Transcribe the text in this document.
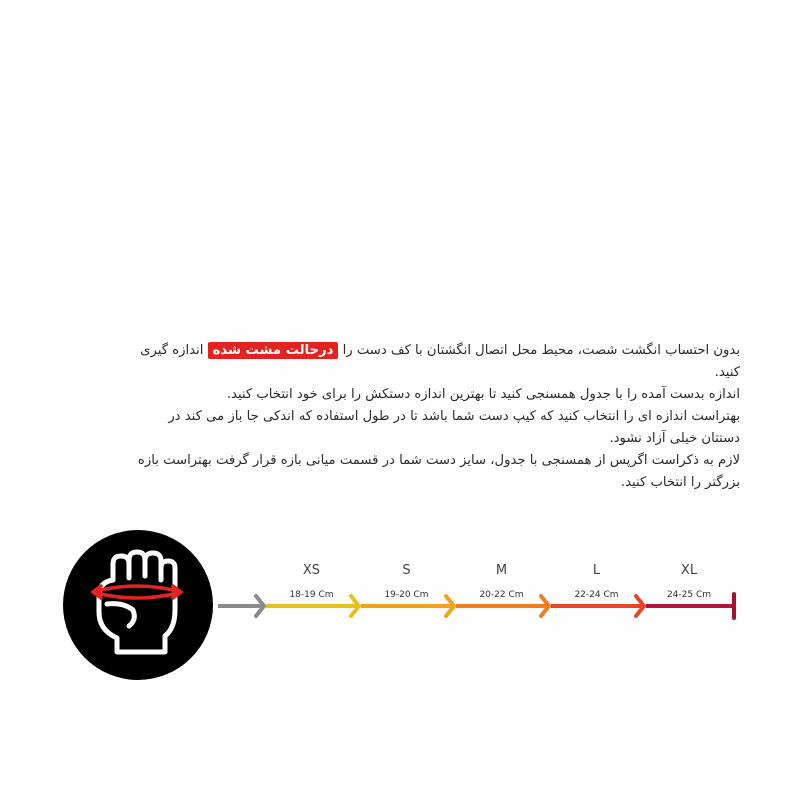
بدون احتساب انگشت شصت، محیط محل اتصال انگشتان با کف دست را درحالت مشت شده اندازه گیری
کنید.
اندازه بدست آمده را با جدول همسنجی کنید تا بهترین اندازه دستکش را برای خود انتخاب کنید.
بهتراست اندازه ای را انتخاب کنید که کیپ دست شما باشد تا در طول استفاده که اندکی جا باز می کند در
دستتان خیلی آزاد نشود.
لازم به ذکراست اگرپس از همسنجی با جدول، سایز دست شما در قسمت میانی بازه قرار گرفت بهتراست بازه
بزرگتر را انتخاب کنید.
XS
18-19 Cm
S
19-20 Cm
M
20-22 Cm
L
22-24 Cm
XL
24-25 Cm
